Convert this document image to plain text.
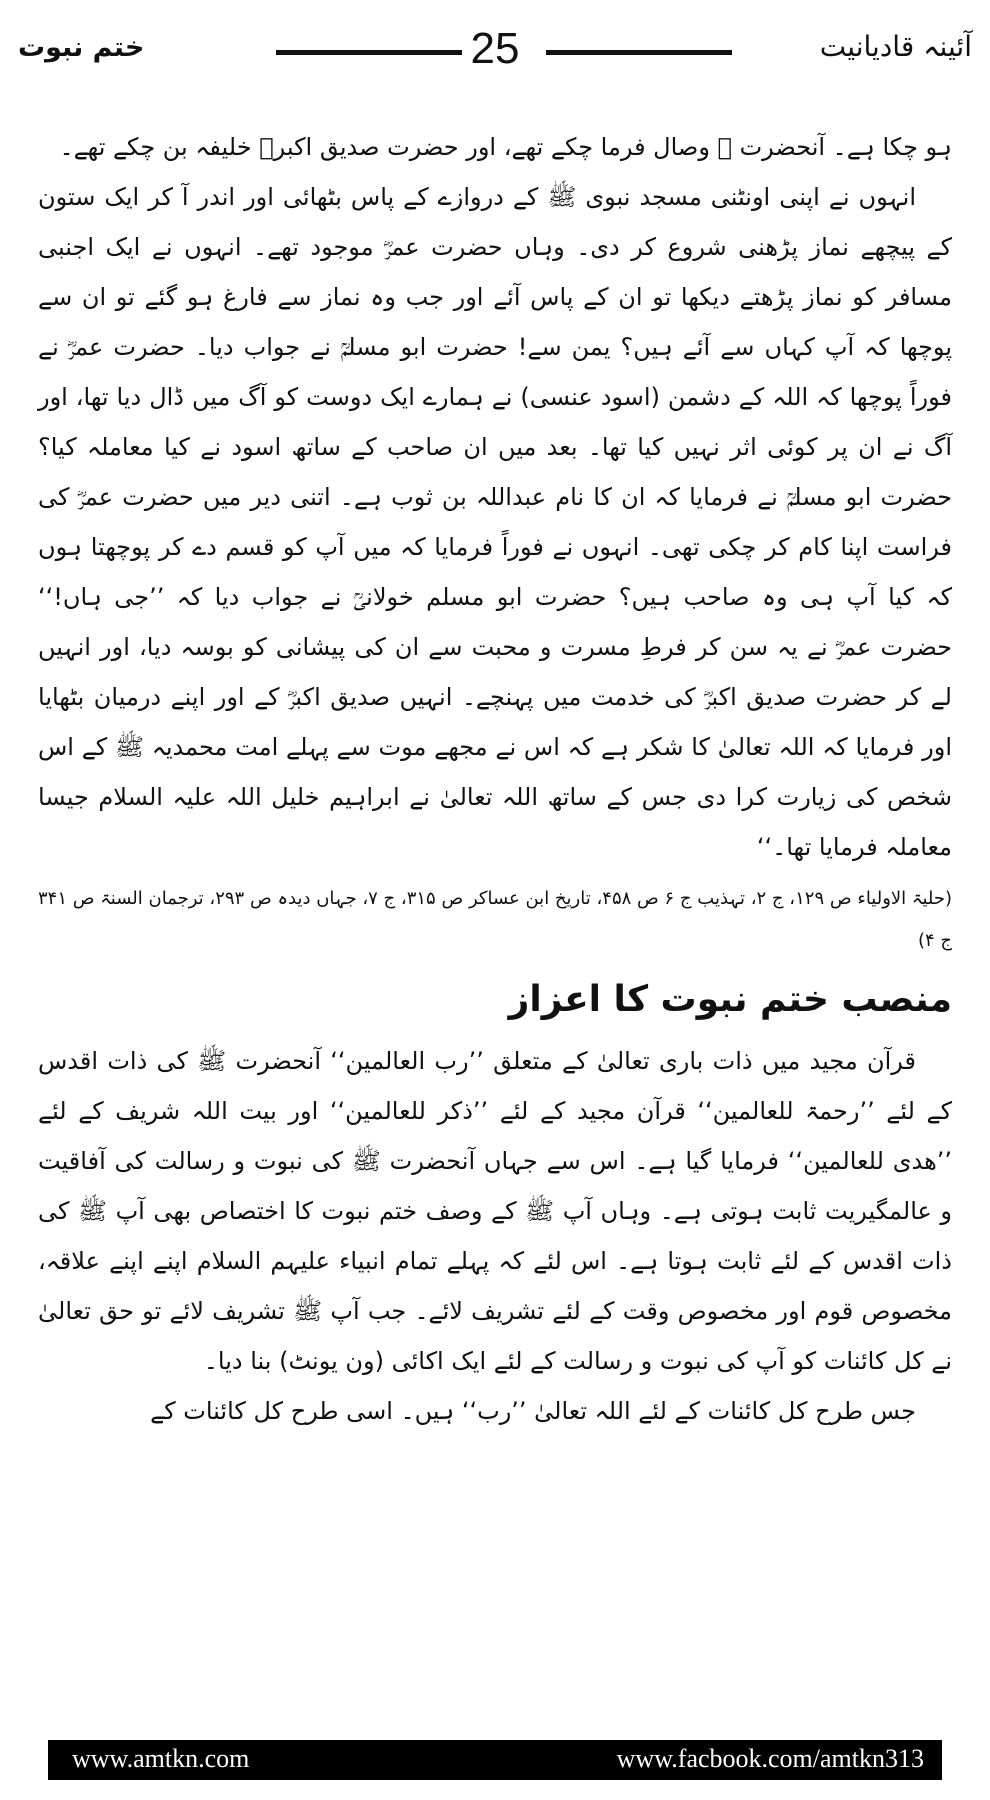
ختم نبوت	25	آئینہ قادیانیت

ہو چکا ہے۔ آنحضرت ﷺ وصال فرما چکے تھے، اور حضرت صدیق اکبرؓ خلیفہ بن چکے تھے۔

انہوں نے اپنی اونٹنی مسجد نبوی ﷺ کے دروازے کے پاس بٹھائی اور اندر آ کر ایک ستون کے پیچھے نماز پڑھنی شروع کر دی۔ وہاں حضرت عمرؓ موجود تھے۔ انہوں نے ایک اجنبی مسافر کو نماز پڑھتے دیکھا تو ان کے پاس آئے اور جب وہ نماز سے فارغ ہو گئے تو ان سے پوچھا کہ آپ کہاں سے آئے ہیں؟ یمن سے! حضرت ابو مسلمؒ نے جواب دیا۔ حضرت عمرؓ نے فوراً پوچھا کہ اللہ کے دشمن (اسود عنسی) نے ہمارے ایک دوست کو آگ میں ڈال دیا تھا، اور آگ نے ان پر کوئی اثر نہیں کیا تھا۔ بعد میں ان صاحب کے ساتھ اسود نے کیا معاملہ کیا؟ حضرت ابو مسلمؒ نے فرمایا کہ ان کا نام عبداللہ بن ثوب ہے۔ اتنی دیر میں حضرت عمرؓ کی فراست اپنا کام کر چکی تھی۔ انہوں نے فوراً فرمایا کہ میں آپ کو قسم دے کر پوچھتا ہوں کہ کیا آپ ہی وہ صاحب ہیں؟ حضرت ابو مسلم خولانیؒ نے جواب دیا کہ ’’جی ہاں!‘‘ حضرت عمرؓ نے یہ سن کر فرطِ مسرت و محبت سے ان کی پیشانی کو بوسہ دیا، اور انہیں لے کر حضرت صدیق اکبرؓ کی خدمت میں پہنچے۔ انہیں صدیق اکبرؓ کے اور اپنے درمیان بٹھایا اور فرمایا کہ اللہ تعالیٰ کا شکر ہے کہ اس نے مجھے موت سے پہلے امت محمدیہ ﷺ کے اس شخص کی زیارت کرا دی جس کے ساتھ اللہ تعالیٰ نے ابراہیم خلیل اللہ علیہ السلام جیسا معاملہ فرمایا تھا۔‘‘

(حلیۃ الاولیاء ص ۱۲۹، ج ۲، تہذیب ج ۶ ص ۴۵۸، تاریخ ابن عساکر ص ۳۱۵، ج ۷، جہاں دیدہ ص ۲۹۳، ترجمان السنۃ ص ۳۴۱ ج ۴)

منصب ختم نبوت کا اعزاز

قرآن مجید میں ذات باری تعالیٰ کے متعلق ’’رب العالمین‘‘ آنحضرت ﷺ کی ذات اقدس کے لئے ’’رحمۃ للعالمین‘‘ قرآن مجید کے لئے ’’ذکر للعالمین‘‘ اور بیت اللہ شریف کے لئے ’’ھدی للعالمین‘‘ فرمایا گیا ہے۔ اس سے جہاں آنحضرت ﷺ کی نبوت و رسالت کی آفاقیت و عالمگیریت ثابت ہوتی ہے۔ وہاں آپ ﷺ کے وصف ختم نبوت کا اختصاص بھی آپ ﷺ کی ذات اقدس کے لئے ثابت ہوتا ہے۔ اس لئے کہ پہلے تمام انبیاء علیہم السلام اپنے اپنے علاقہ، مخصوص قوم اور مخصوص وقت کے لئے تشریف لائے۔ جب آپ ﷺ تشریف لائے تو حق تعالیٰ نے کل کائنات کو آپ کی نبوت و رسالت کے لئے ایک اکائی (ون یونٹ) بنا دیا۔

جس طرح کل کائنات کے لئے اللہ تعالیٰ ’’رب‘‘ ہیں۔ اسی طرح کل کائنات کے

www.amtkn.com	www.facbook.com/amtkn313
